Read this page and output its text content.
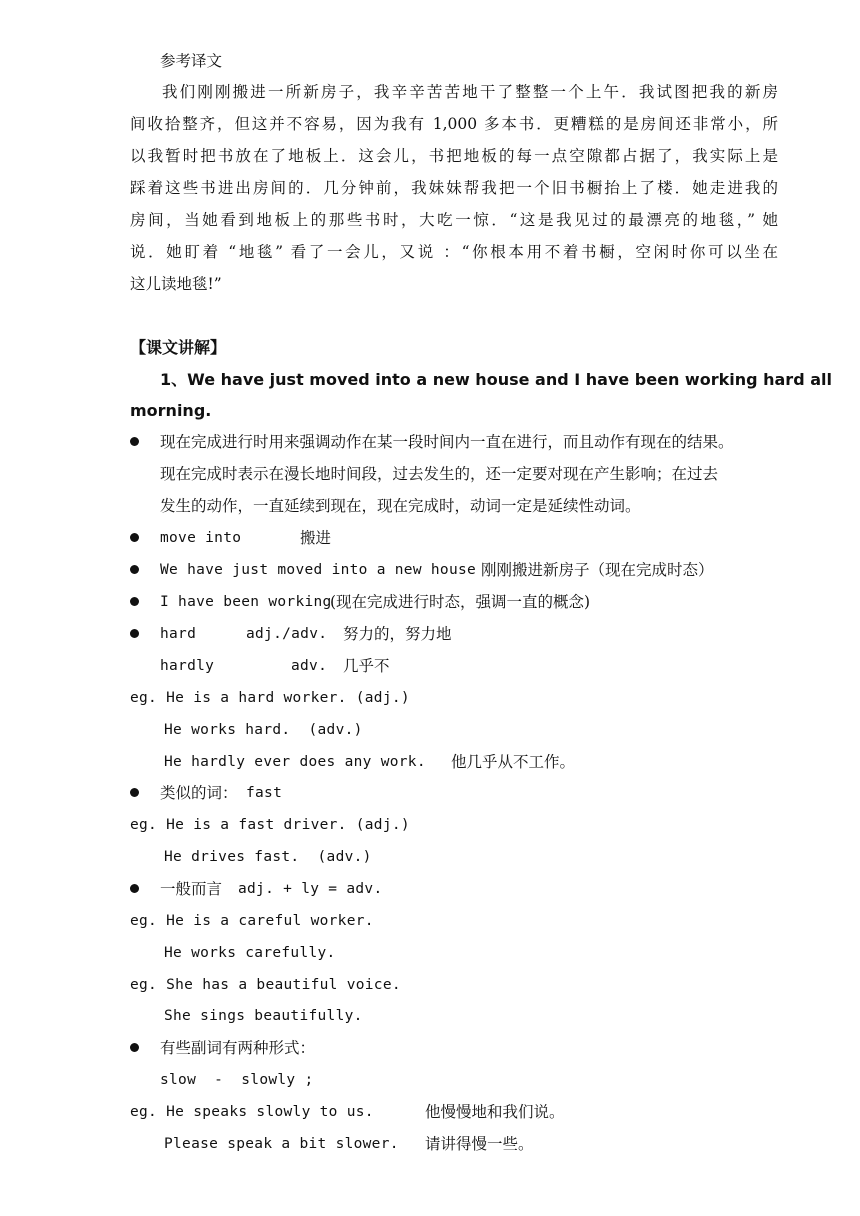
参考译文
我们刚刚搬进一所新房子，我辛辛苦苦地干了整整一个上午．我试图把我的新房
间收拾整齐，但这并不容易，因为我有 1,000 多本书．更糟糕的是房间还非常小，所
以我暂时把书放在了地板上．这会儿，书把地板的每一点空隙都占据了，我实际上是
踩着这些书进出房间的．几分钟前，我妹妹帮我把一个旧书橱抬上了楼．她走进我的
房间，当她看到地板上的那些书时，大吃一惊．“这是我见过的最漂亮的地毯，” 她
说．她盯着 “地毯” 看了一会儿，又说 ：“你根本用不着书橱，空闲时你可以坐在
这儿读地毯!”
【课文讲解】
1、We have just moved into a new house and I have been working hard all
morning.
现在完成进行时用来强调动作在某一段时间内一直在进行，而且动作有现在的结果。
现在完成时表示在漫长地时间段，过去发生的，还一定要对现在产生影响；在过去
发生的动作，一直延续到现在，现在完成时，动词一定是延续性动词。
move into	搬进
We have just moved into a new house 刚刚搬进新房子（现在完成时态）
I have been working
(现在完成进行时态，强调一直的概念)
hard	adj./adv. 努力的，努力地
hardly	adv. 几乎不
eg. He is a hard worker. (adj.)
He works hard.  (adv.)
He hardly ever does any work. 他几乎从不工作。
类似的词： fast
eg. He is a fast driver. (adj.)
He drives fast.  (adv.)
一般而言 adj. + ly = adv.
eg. He is a careful worker.
He works carefully.
eg. She has a beautiful voice.
She sings beautifully.
有些副词有两种形式：
slow  -  slowly ;
eg. He speaks slowly to us.	他慢慢地和我们说。
Please speak a bit slower. 请讲得慢一些。
